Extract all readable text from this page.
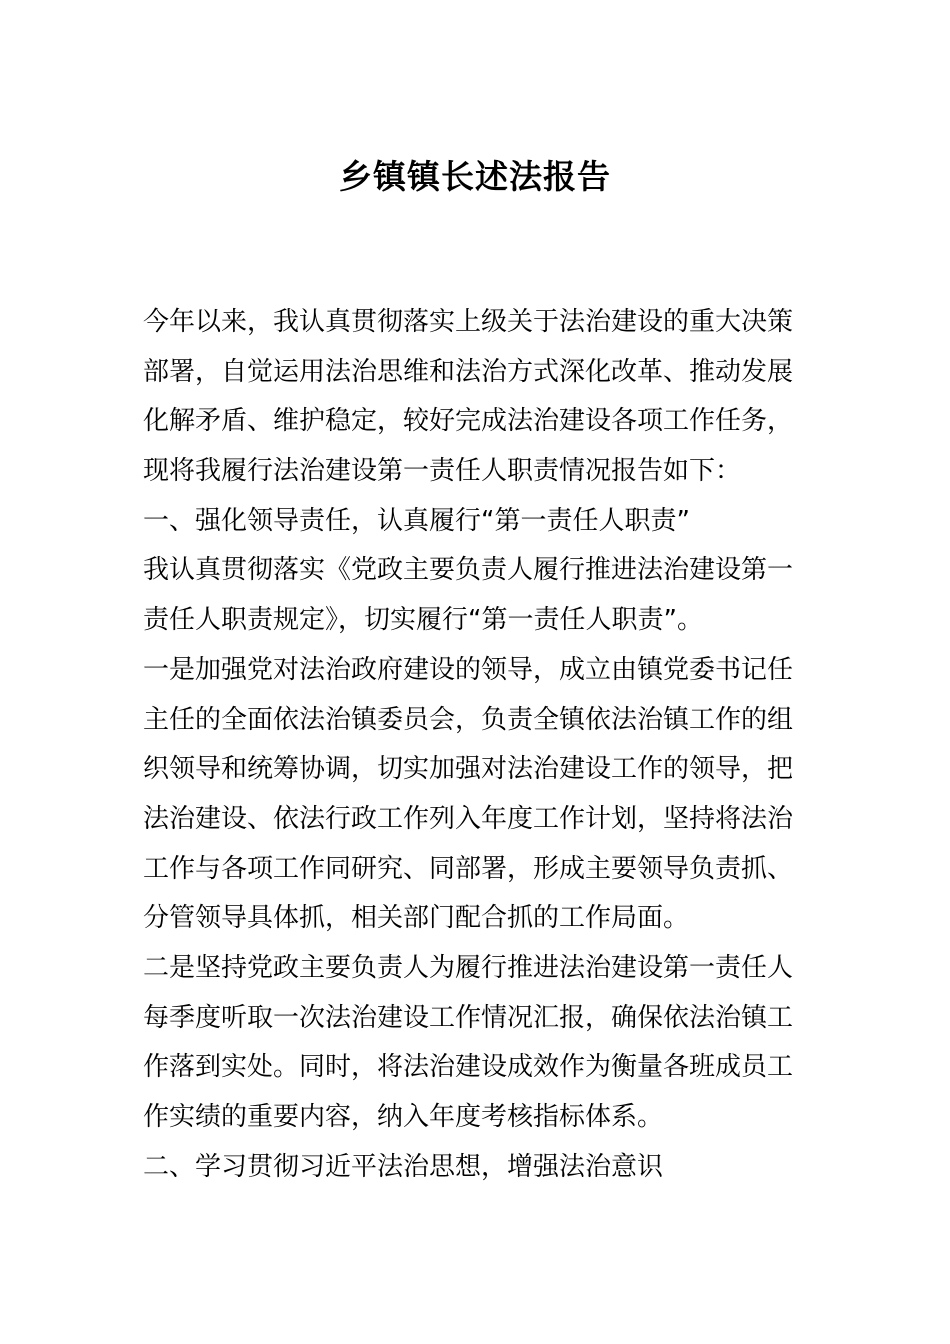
乡镇镇长述法报告
今年以来，我认真贯彻落实上级关于法治建设的重大决策
部署，自觉运用法治思维和法治方式深化改革、推动发展
化解矛盾、维护稳定，较好完成法治建设各项工作任务，
现将我履行法治建设第一责任人职责情况报告如下：
一、强化领导责任，认真履行“第一责任人职责”
我认真贯彻落实《党政主要负责人履行推进法治建设第一
责任人职责规定》，切实履行“第一责任人职责”。
一是加强党对法治政府建设的领导，成立由镇党委书记任
主任的全面依法治镇委员会，负责全镇依法治镇工作的组
织领导和统筹协调，切实加强对法治建设工作的领导，把
法治建设、依法行政工作列入年度工作计划，坚持将法治
工作与各项工作同研究、同部署，形成主要领导负责抓、
分管领导具体抓，相关部门配合抓的工作局面。
二是坚持党政主要负责人为履行推进法治建设第一责任人
每季度听取一次法治建设工作情况汇报，确保依法治镇工
作落到实处。同时，将法治建设成效作为衡量各班成员工
作实绩的重要内容，纳入年度考核指标体系。
二、学习贯彻习近平法治思想，增强法治意识
